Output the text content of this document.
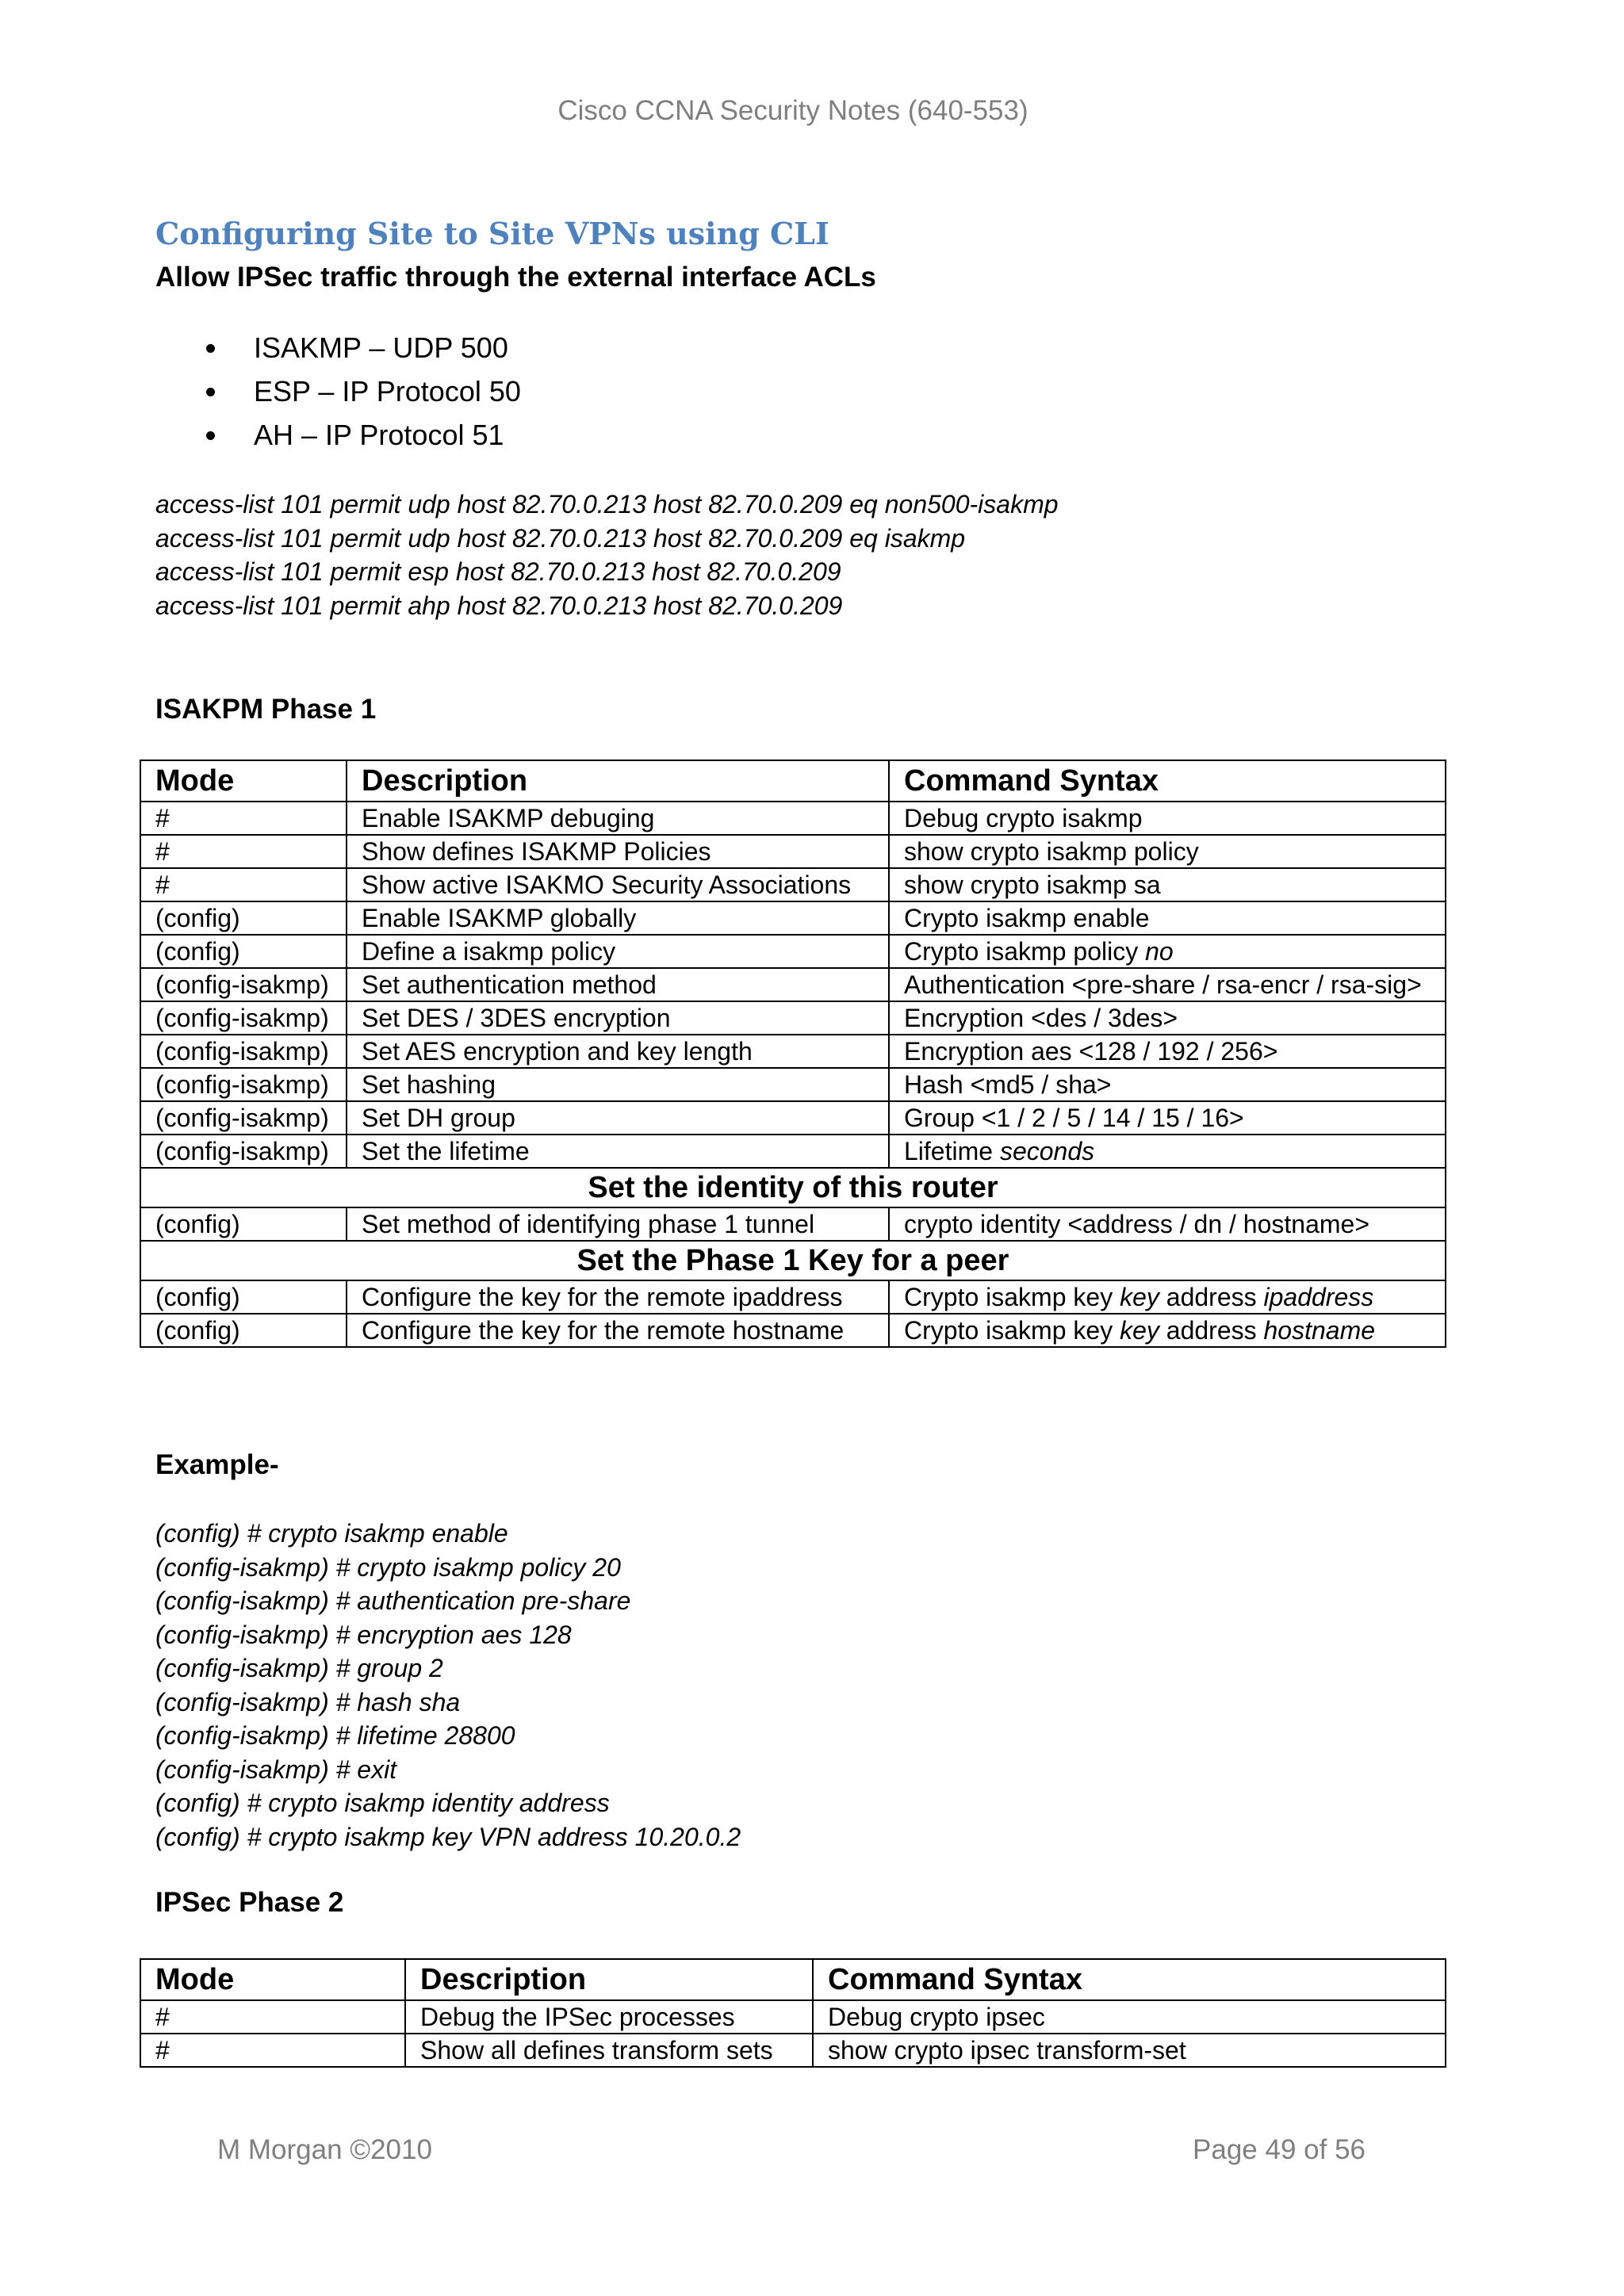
Cisco CCNA Security Notes (640-553)
Configuring Site to Site VPNs using CLI
Allow IPSec traffic through the external interface ACLs
ISAKMP – UDP 500
ESP – IP Protocol 50
AH – IP Protocol 51
access-list 101 permit udp host 82.70.0.213 host 82.70.0.209 eq non500-isakmp
access-list 101 permit udp host 82.70.0.213 host 82.70.0.209 eq isakmp
access-list 101 permit esp host 82.70.0.213 host 82.70.0.209
access-list 101 permit ahp host 82.70.0.213 host 82.70.0.209
ISAKPM Phase 1
Mode	Description	Command Syntax
#	Enable ISAKMP debuging	Debug crypto isakmp
#	Show defines ISAKMP Policies	show crypto isakmp policy
#	Show active ISAKMO Security Associations	show crypto isakmp sa
(config)	Enable ISAKMP globally	Crypto isakmp enable
(config)	Define a isakmp policy	Crypto isakmp policy no
(config-isakmp)	Set authentication method	Authentication <pre-share / rsa-encr / rsa-sig>
(config-isakmp)	Set DES / 3DES encryption	Encryption <des / 3des>
(config-isakmp)	Set AES encryption and key length	Encryption aes <128 / 192 / 256>
(config-isakmp)	Set hashing	Hash <md5 / sha>
(config-isakmp)	Set DH group	Group <1 / 2 / 5 / 14 / 15 / 16>
(config-isakmp)	Set the lifetime	Lifetime seconds
Set the identity of this router		
(config)	Set method of identifying phase 1 tunnel	crypto identity <address / dn / hostname>
Set the Phase 1 Key for a peer		
(config)	Configure the key for the remote ipaddress	Crypto isakmp key key address ipaddress
(config)	Configure the key for the remote hostname	Crypto isakmp key key address hostname
Example-
(config) # crypto isakmp enable
(config-isakmp) # crypto isakmp policy 20
(config-isakmp) # authentication pre-share
(config-isakmp) # encryption aes 128
(config-isakmp) # group 2
(config-isakmp) # hash sha
(config-isakmp) # lifetime 28800
(config-isakmp) # exit
(config) # crypto isakmp identity address
(config) # crypto isakmp key VPN address 10.20.0.2
IPSec Phase 2
Mode	Description	Command Syntax
#	Debug the IPSec processes	Debug crypto ipsec
#	Show all defines transform sets	show crypto ipsec transform-set
M Morgan ©2010	Page 49 of 56
